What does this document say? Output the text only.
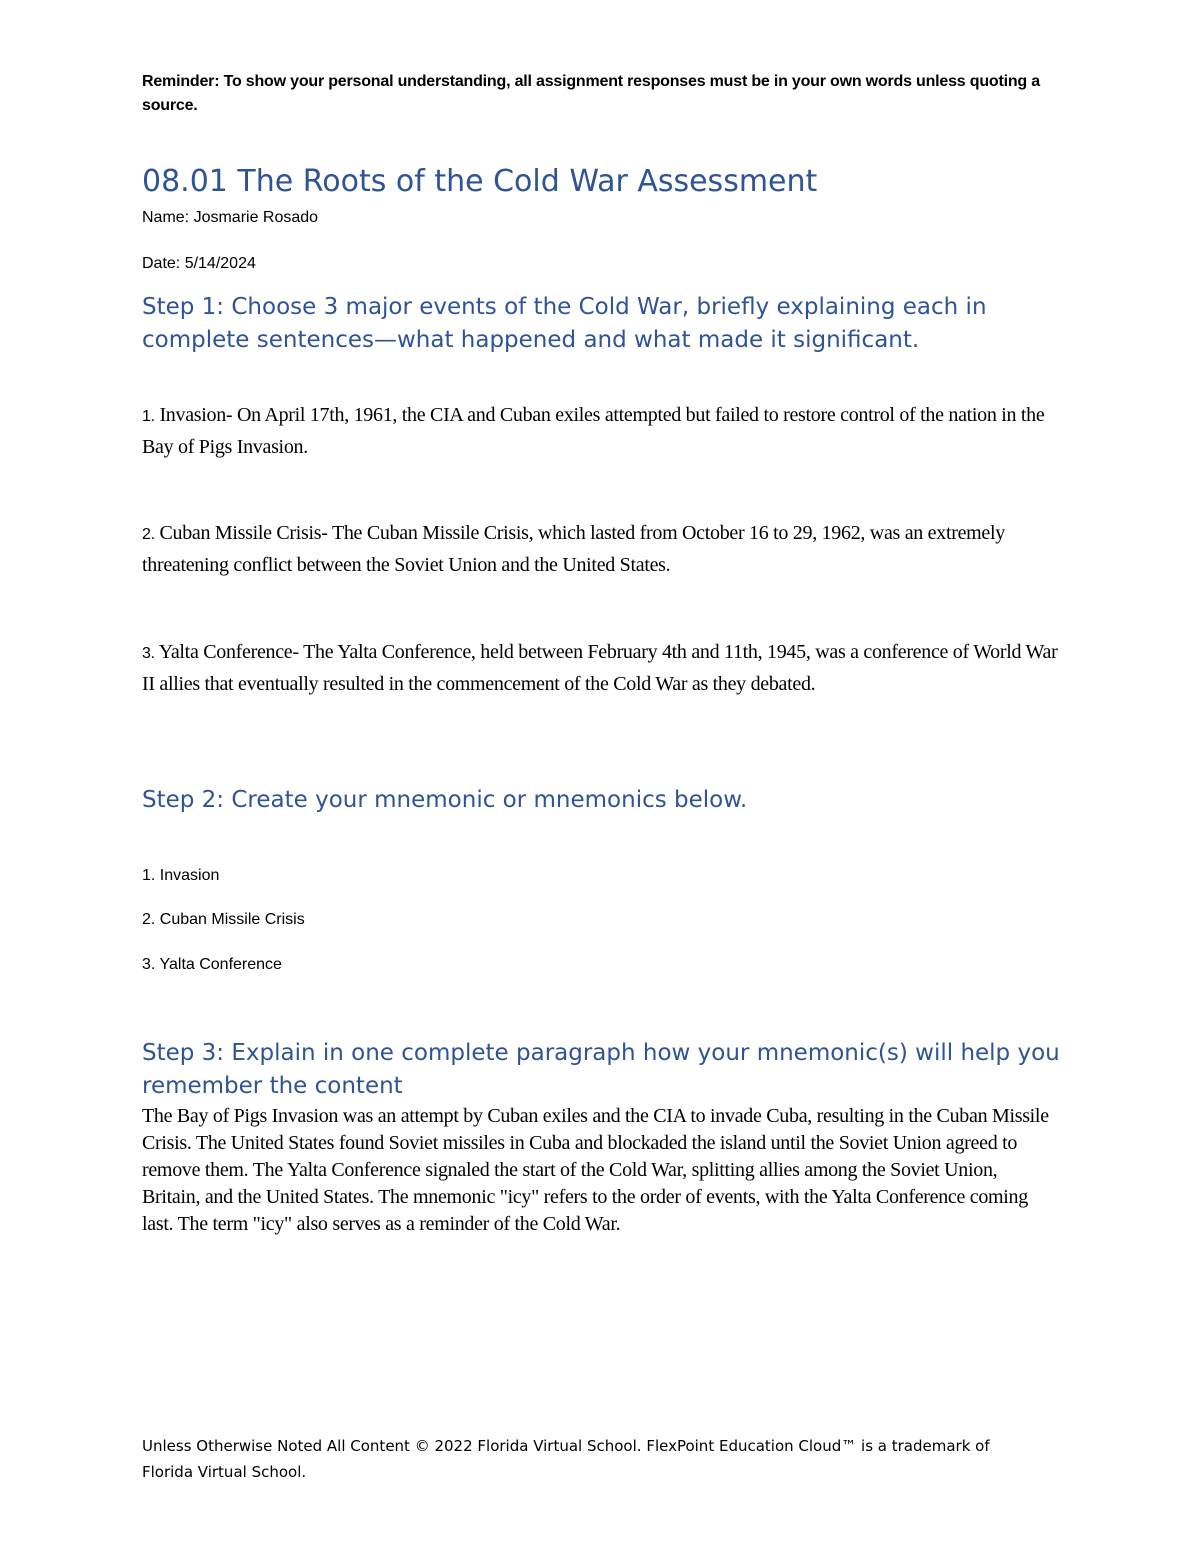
Reminder: To show your personal understanding, all assignment responses must be in your own words unless quoting a source.
08.01 The Roots of the Cold War Assessment
Name: Josmarie Rosado
Date: 5/14/2024
Step 1: Choose 3 major events of the Cold War, briefly explaining each in complete sentences—what happened and what made it significant.
1. Invasion- On April 17th, 1961, the CIA and Cuban exiles attempted but failed to restore control of the nation in the Bay of Pigs Invasion.
2. Cuban Missile Crisis- The Cuban Missile Crisis, which lasted from October 16 to 29, 1962, was an extremely threatening conflict between the Soviet Union and the United States.
3. Yalta Conference- The Yalta Conference, held between February 4th and 11th, 1945, was a conference of World War II allies that eventually resulted in the commencement of the Cold War as they debated.
Step 2: Create your mnemonic or mnemonics below.
1. Invasion
2. Cuban Missile Crisis
3. Yalta Conference
Step 3: Explain in one complete paragraph how your mnemonic(s) will help you remember the content
The Bay of Pigs Invasion was an attempt by Cuban exiles and the CIA to invade Cuba, resulting in the Cuban Missile Crisis. The United States found Soviet missiles in Cuba and blockaded the island until the Soviet Union agreed to remove them. The Yalta Conference signaled the start of the Cold War, splitting allies among the Soviet Union, Britain, and the United States. The mnemonic "icy" refers to the order of events, with the Yalta Conference coming last. The term "icy" also serves as a reminder of the Cold War.
Unless Otherwise Noted All Content © 2022 Florida Virtual School. FlexPoint Education Cloud™ is a trademark of Florida Virtual School.
